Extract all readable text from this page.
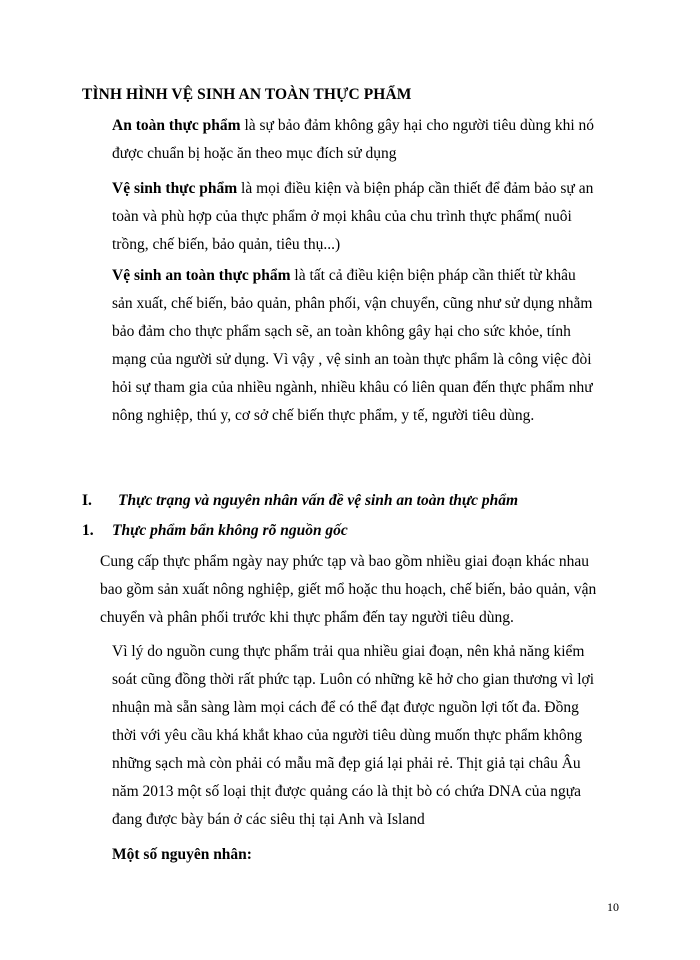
TÌNH HÌNH VỆ SINH AN TOÀN THỰC PHẨM
An toàn thực phẩm là sự bảo đảm không gây hại cho người tiêu dùng khi nó
được chuẩn bị hoặc ăn theo mục đích sử dụng
Vệ sinh thực phẩm là mọi điều kiện và biện pháp cần thiết để đảm bảo sự an
toàn và phù hợp của thực phẩm ở mọi khâu của chu trình thực phẩm( nuôi
trồng, chế biến, bảo quản, tiêu thụ...)
Vệ sinh an toàn thực phẩm là tất cả điều kiện biện pháp cần thiết từ khâu
sản xuất, chế biến, bảo quản, phân phối, vận chuyển, cũng như sử dụng nhằm
bảo đảm cho thực phẩm sạch sẽ, an toàn không gây hại cho sức khỏe, tính
mạng của người sử dụng. Vì vậy , vệ sinh an toàn thực phẩm là công việc đòi
hỏi sự tham gia của nhiều ngành, nhiều khâu có liên quan đến thực phẩm như
nông nghiệp, thú y, cơ sở chế biến thực phẩm, y tế, người tiêu dùng.
I. Thực trạng và nguyên nhân vấn đề vệ sinh an toàn thực phẩm
1. Thực phẩm bẩn không rõ nguồn gốc
Cung cấp thực phẩm ngày nay phức tạp và bao gồm nhiều giai đoạn khác nhau
bao gồm sản xuất nông nghiệp, giết mổ hoặc thu hoạch, chế biến, bảo quản, vận
chuyển và phân phối trước khi thực phẩm đến tay người tiêu dùng.
Vì lý do nguồn cung thực phẩm trải qua nhiều giai đoạn, nên khả năng kiểm
soát cũng đồng thời rất phức tạp. Luôn có những kẽ hở cho gian thương vì lợi
nhuận mà sẵn sàng làm mọi cách để có thể đạt được nguồn lợi tốt đa. Đồng
thời với yêu cầu khá khắt khao của người tiêu dùng muốn thực phẩm không
những sạch mà còn phải có mẫu mã đẹp giá lại phải rẻ. Thịt giả tại châu Âu
năm 2013 một số loại thịt được quảng cáo là thịt bò có chứa DNA của ngựa
đang được bày bán ở các siêu thị tại Anh và Island
Một số nguyên nhân:
10
